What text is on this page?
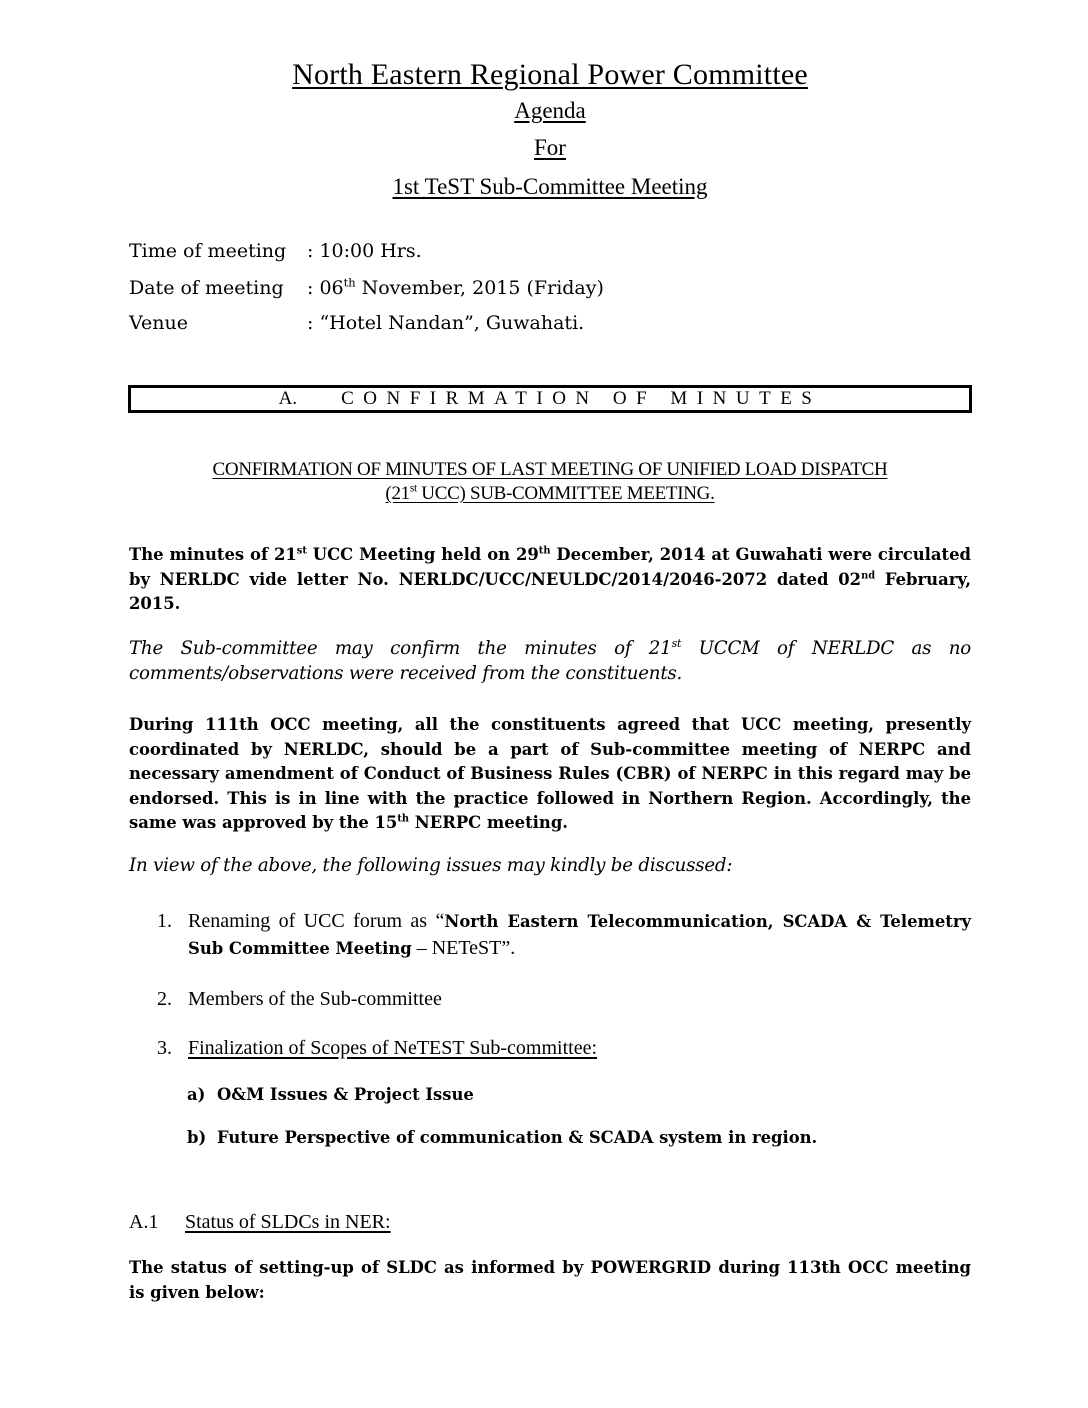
North Eastern Regional Power Committee
Agenda
For
1st TeST Sub-Committee Meeting
Time of meeting : 10:00 Hrs.
Date of meeting : 06th November, 2015 (Friday)
Venue	: “Hotel Nandan”, Guwahati.
A. CONFIRMATION OF MINUTES
CONFIRMATION OF MINUTES OF LAST MEETING OF UNIFIED LOAD DISPATCH
(21st UCC) SUB-COMMITTEE MEETING.
The minutes of 21st UCC Meeting held on 29th December, 2014 at Guwahati were circulated by NERLDC vide letter No. NERLDC/UCC/NEULDC/2014/2046-2072 dated 02nd February, 2015.
The Sub-committee may confirm the minutes of 21st UCCM of NERLDC as no comments/observations were received from the constituents.
During 111th OCC meeting, all the constituents agreed that UCC meeting, presently coordinated by NERLDC, should be a part of Sub-committee meeting of NERPC and necessary amendment of Conduct of Business Rules (CBR) of NERPC in this regard may be endorsed. This is in line with the practice followed in Northern Region. Accordingly, the same was approved by the 15th NERPC meeting.
In view of the above, the following issues may kindly be discussed:
1. Renaming of UCC forum as “North Eastern Telecommunication, SCADA & Telemetry Sub Committee Meeting – NETeST”.
2. Members of the Sub-committee
3. Finalization of Scopes of NeTEST Sub-committee:
a) O&M Issues & Project Issue
b) Future Perspective of communication & SCADA system in region.
A.1 Status of SLDCs in NER:
The status of setting-up of SLDC as informed by POWERGRID during 113th OCC meeting is given below:
